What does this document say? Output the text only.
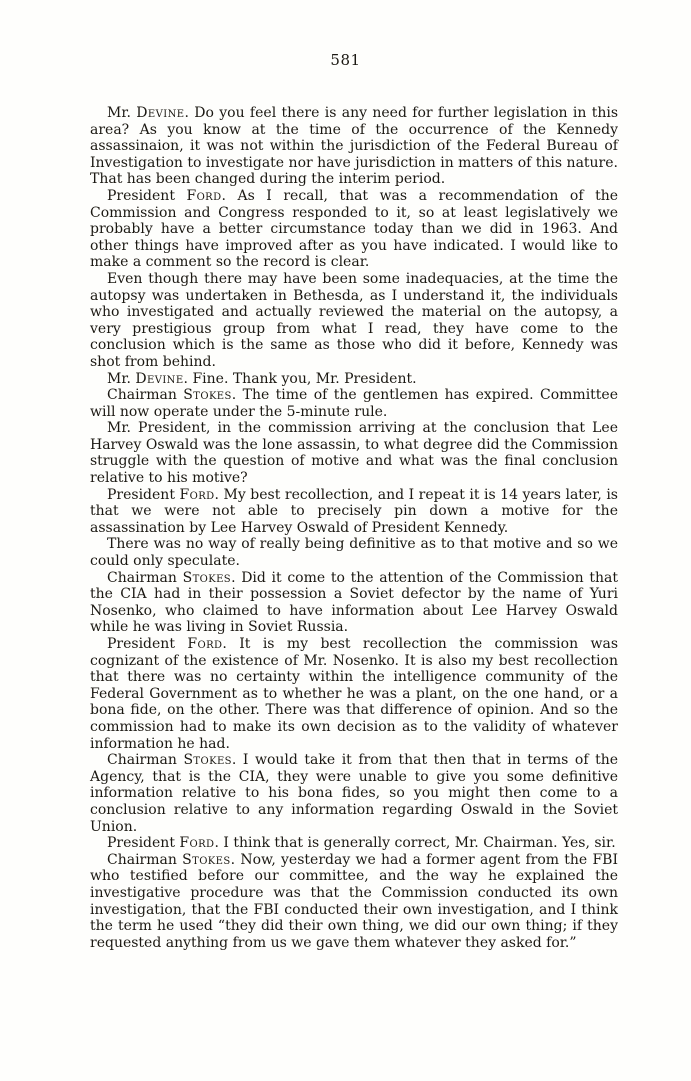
581

Mr. Devine. Do you feel there is any need for further legislation in this area? As you know at the time of the occurrence of the Kennedy assassinaion, it was not within the jurisdiction of the Federal Bureau of Investigation to investigate nor have jurisdiction in matters of this nature. That has been changed during the interim period.

President Ford. As I recall, that was a recommendation of the Commission and Congress responded to it, so at least legislatively we probably have a better circumstance today than we did in 1963. And other things have improved after as you have indicated. I would like to make a comment so the record is clear.

Even though there may have been some inadequacies, at the time the autopsy was undertaken in Bethesda, as I understand it, the individuals who investigated and actually reviewed the material on the autopsy, a very prestigious group from what I read, they have come to the conclusion which is the same as those who did it before, Kennedy was shot from behind.

Mr. Devine. Fine. Thank you, Mr. President.

Chairman Stokes. The time of the gentlemen has expired. Committee will now operate under the 5-minute rule.

Mr. President, in the commission arriving at the conclusion that Lee Harvey Oswald was the lone assassin, to what degree did the Commission struggle with the question of motive and what was the final conclusion relative to his motive?

President Ford. My best recollection, and I repeat it is 14 years later, is that we were not able to precisely pin down a motive for the assassination by Lee Harvey Oswald of President Kennedy.

There was no way of really being definitive as to that motive and so we could only speculate.

Chairman Stokes. Did it come to the attention of the Commission that the CIA had in their possession a Soviet defector by the name of Yuri Nosenko, who claimed to have information about Lee Harvey Oswald while he was living in Soviet Russia.

President Ford. It is my best recollection the commission was cognizant of the existence of Mr. Nosenko. It is also my best recollection that there was no certainty within the intelligence community of the Federal Government as to whether he was a plant, on the one hand, or a bona fide, on the other. There was that difference of opinion. And so the commission had to make its own decision as to the validity of whatever information he had.

Chairman Stokes. I would take it from that then that in terms of the Agency, that is the CIA, they were unable to give you some definitive information relative to his bona fides, so you might then come to a conclusion relative to any information regarding Oswald in the Soviet Union.

President Ford. I think that is generally correct, Mr. Chairman. Yes, sir.

Chairman Stokes. Now, yesterday we had a former agent from the FBI who testified before our committee, and the way he explained the investigative procedure was that the Commission conducted its own investigation, that the FBI conducted their own investigation, and I think the term he used “they did their own thing, we did our own thing; if they requested anything from us we gave them whatever they asked for.”
